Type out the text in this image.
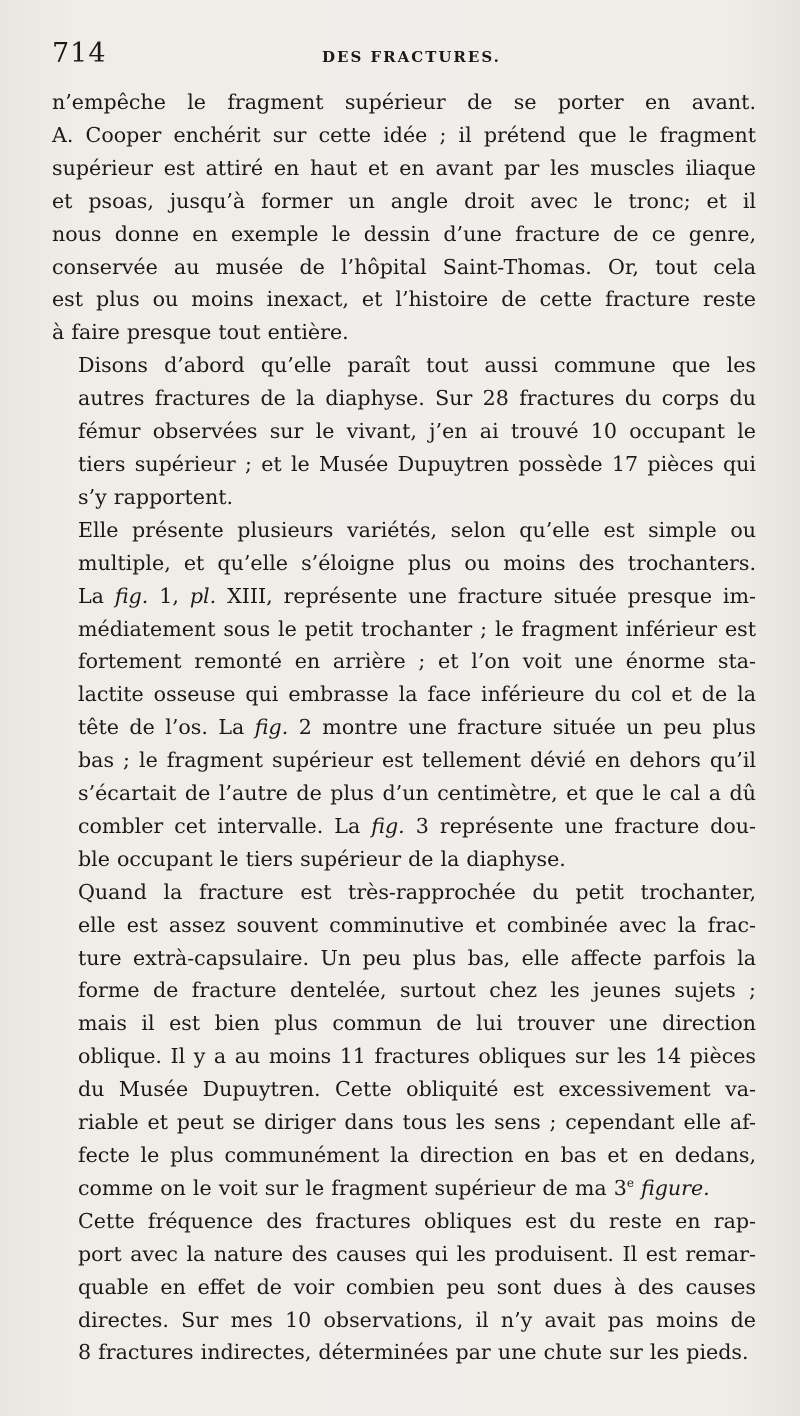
714	DES FRACTURES.

n’empêche le fragment supérieur de se porter en avant.
A. Cooper enchérit sur cette idée ; il prétend que le fragment
supérieur est attiré en haut et en avant par les muscles iliaque
et psoas, jusqu’à former un angle droit avec le tronc; et il
nous donne en exemple le dessin d’une fracture de ce genre,
conservée au musée de l’hôpital Saint-Thomas. Or, tout cela
est plus ou moins inexact, et l’histoire de cette fracture reste
à faire presque tout entière.

Disons d’abord qu’elle paraît tout aussi commune que les
autres fractures de la diaphyse. Sur 28 fractures du corps du
fémur observées sur le vivant, j’en ai trouvé 10 occupant le
tiers supérieur ; et le Musée Dupuytren possède 17 pièces qui
s’y rapportent.

Elle présente plusieurs variétés, selon qu’elle est simple ou
multiple, et qu’elle s’éloigne plus ou moins des trochanters.
La fig. 1, pl. XIII, représente une fracture située presque im-
médiatement sous le petit trochanter ; le fragment inférieur est
fortement remonté en arrière ; et l’on voit une énorme sta-
lactite osseuse qui embrasse la face inférieure du col et de la
tête de l’os. La fig. 2 montre une fracture située un peu plus
bas ; le fragment supérieur est tellement dévié en dehors qu’il
s’écartait de l’autre de plus d’un centimètre, et que le cal a dû
combler cet intervalle. La fig. 3 représente une fracture dou-
ble occupant le tiers supérieur de la diaphyse.

Quand la fracture est très-rapprochée du petit trochanter,
elle est assez souvent comminutive et combinée avec la frac-
ture extrà-capsulaire. Un peu plus bas, elle affecte parfois la
forme de fracture dentelée, surtout chez les jeunes sujets ;
mais il est bien plus commun de lui trouver une direction
oblique. Il y a au moins 11 fractures obliques sur les 14 pièces
du Musée Dupuytren. Cette obliquité est excessivement va-
riable et peut se diriger dans tous les sens ; cependant elle af-
fecte le plus communément la direction en bas et en dedans,
comme on le voit sur le fragment supérieur de ma 3e figure.

Cette fréquence des fractures obliques est du reste en rap-
port avec la nature des causes qui les produisent. Il est remar-
quable en effet de voir combien peu sont dues à des causes
directes. Sur mes 10 observations, il n’y avait pas moins de
8 fractures indirectes, déterminées par une chute sur les pieds.
